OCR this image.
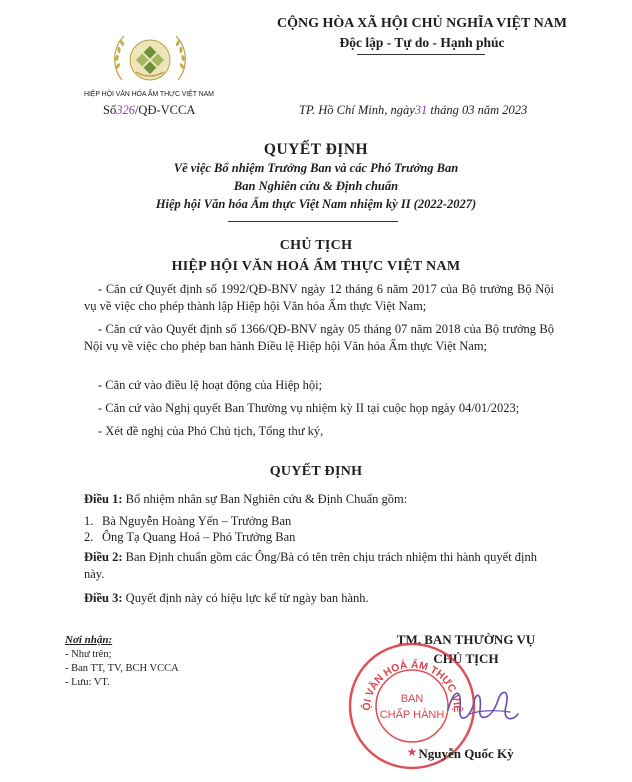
HIỆP HỘI VĂN HÓA ẨM THỰC VIỆT NAM
Số326/QĐ-VCCA
CỘNG HÒA XÃ HỘI CHỦ NGHĨA VIỆT NAM
Độc lập - Tự do - Hạnh phúc
TP. Hồ Chí Minh, ngày31 tháng 03 năm 2023
QUYẾT ĐỊNH
Về việc Bổ nhiệm Trưởng Ban và các Phó Trưởng Ban
Ban Nghiên cứu & Định chuẩn
Hiệp hội Văn hóa Ẩm thực Việt Nam nhiệm kỳ II (2022-2027)
CHỦ TỊCH
HIỆP HỘI VĂN HOÁ ẨM THỰC VIỆT NAM
- Căn cứ Quyết định số 1992/QĐ-BNV ngày 12 tháng 6 năm 2017 của Bộ trưởng Bộ Nội vụ về việc cho phép thành lập Hiệp hội Văn hóa Ẩm thực Việt Nam;
- Căn cứ vào Quyết định số 1366/QĐ-BNV ngày 05 tháng 07 năm 2018 của Bộ trưởng Bộ Nội vụ về việc cho phép ban hành Điều lệ Hiệp hội Văn hóa Ẩm thực Việt Nam;
- Căn cứ vào điều lệ hoạt động của Hiệp hội;
- Căn cứ vào Nghị quyết Ban Thường vụ nhiệm kỳ II tại cuộc họp ngày 04/01/2023;
- Xét đề nghị của Phó Chủ tịch, Tổng thư ký,
QUYẾT ĐỊNH
Điều 1: Bổ nhiệm nhân sự Ban Nghiên cứu & Định Chuẩn gồm:
1. Bà Nguyễn Hoàng Yến – Trưởng Ban
2. Ông Tạ Quang Hoá – Phó Trưởng Ban
Điều 2: Ban Định chuẩn gồm các Ông/Bà có tên trên chịu trách nhiệm thi hành quyết định này.
Điều 3: Quyết định này có hiệu lực kể từ ngày ban hành.
Nơi nhận:
- Như trên;
- Ban TT, TV, BCH VCCA
- Lưu: VT.
TM. BAN THƯỜNG VỤ
CHỦ TỊCH
ỘI VĂN HOÁ ẨM THỰC VIỆ
BAN
CHẤP HÀNH
★ Nguyễn Quốc Kỳ
